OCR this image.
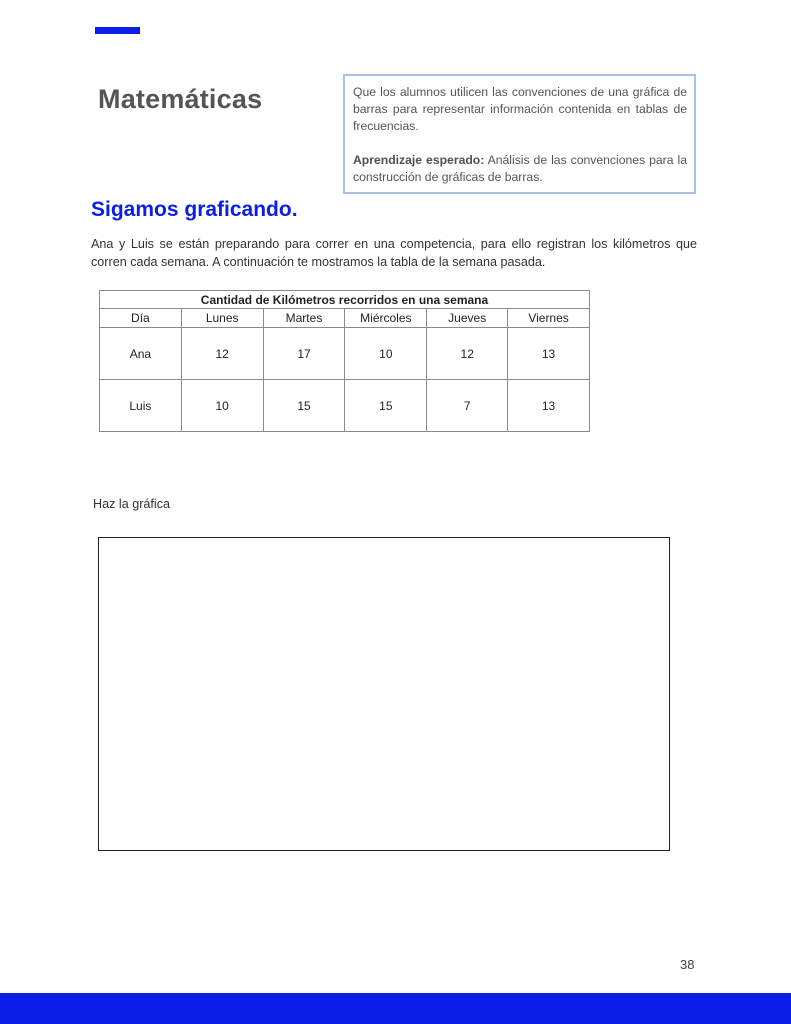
Matemáticas	Que los alumnos utilicen las convenciones de una gráfica de barras para representar información contenida en tablas de frecuencias.

Aprendizaje esperado: Análisis de las convenciones para la construcción de gráficas de barras.

Sigamos graficando.

Ana y Luis se están preparando para correr en una competencia, para ello registran los kilómetros que corren cada semana. A continuación te mostramos la tabla de la semana pasada.

Cantidad de Kilómetros recorridos en una semana					
Día	Lunes	Martes	Miércoles	Jueves	Viernes
Ana	12	17	10	12	13
Luis	10	15	15	7	13

Haz la gráfica

38
